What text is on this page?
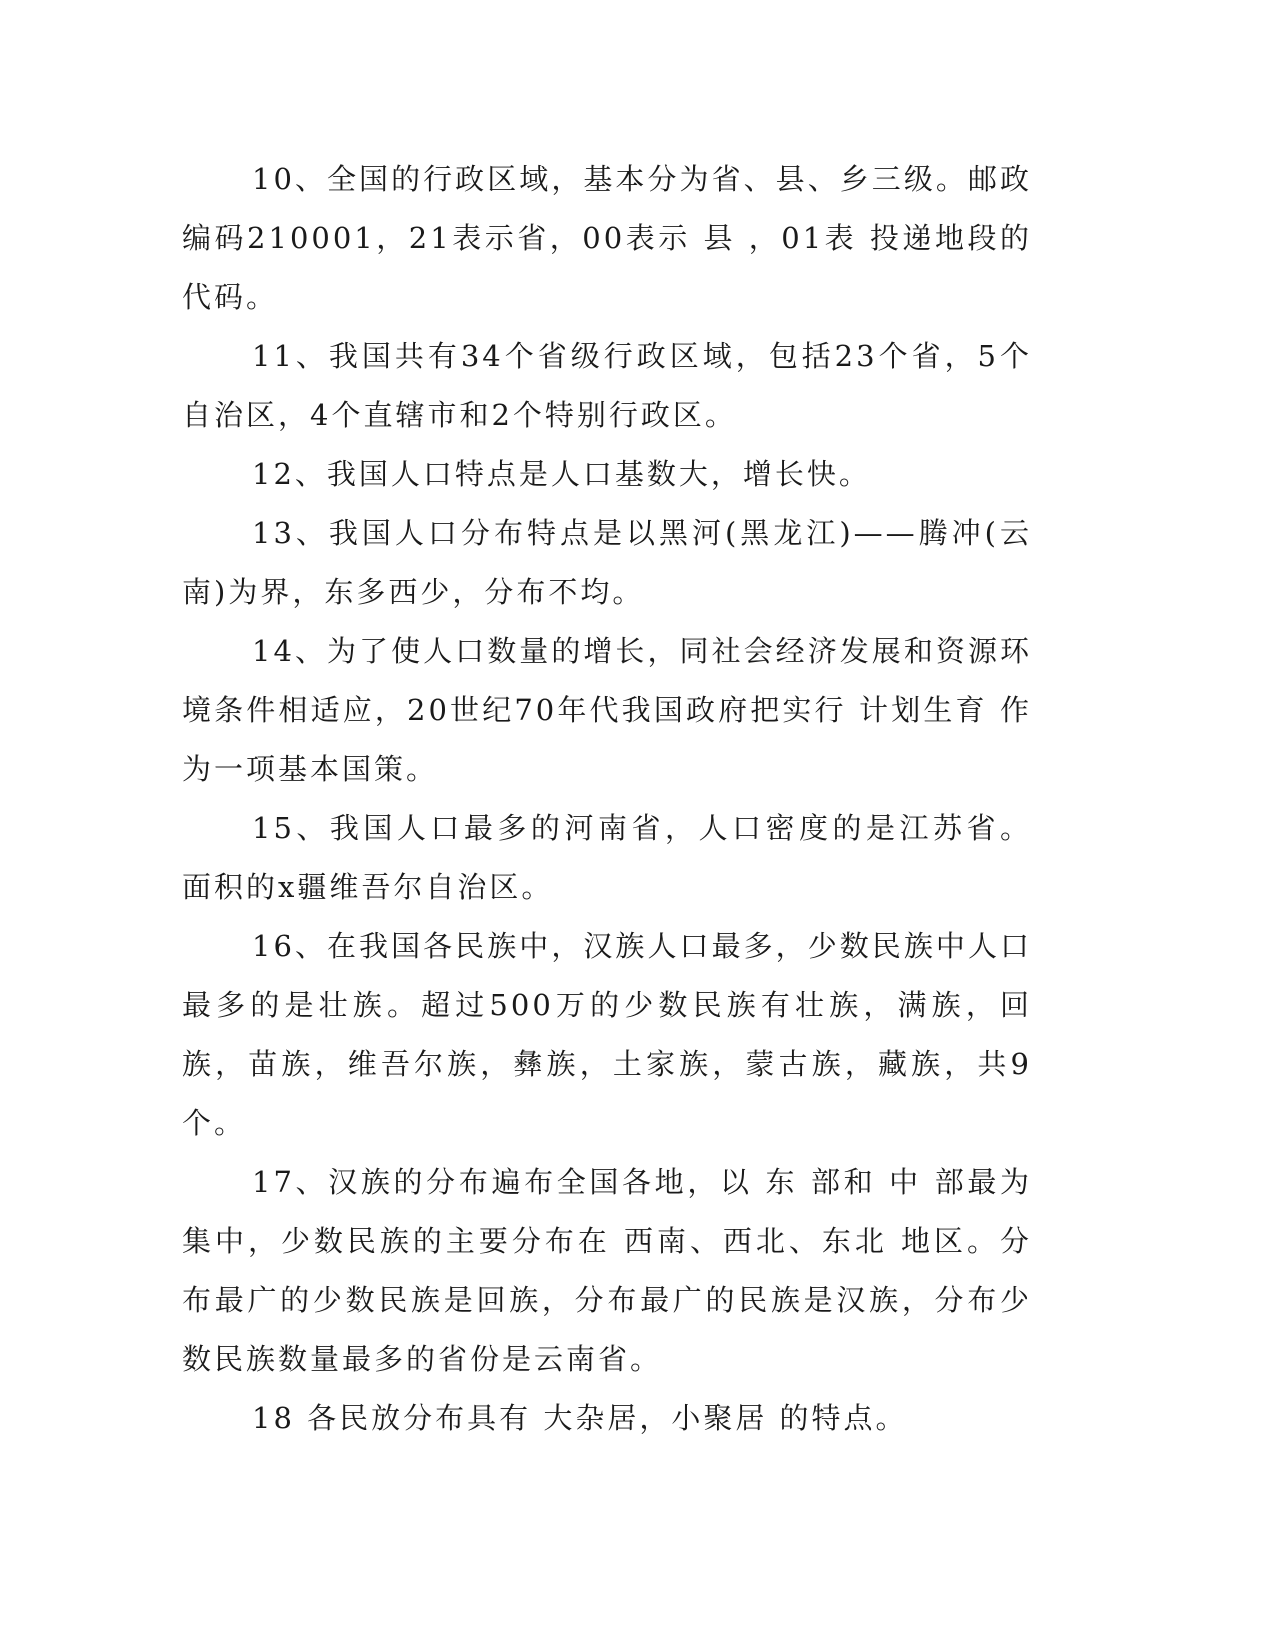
10、全国的行政区域，基本分为省、县、乡三级。邮政编码210001，21表示省，00表示 县 ，01表 投递地段的代码。

11、我国共有34个省级行政区域，包括23个省，5个自治区，4个直辖市和2个特别行政区。

12、我国人口特点是人口基数大，增长快。

13、我国人口分布特点是以黑河(黑龙江)——腾冲(云南)为界，东多西少，分布不均。

14、为了使人口数量的增长，同社会经济发展和资源环境条件相适应，20世纪70年代我国政府把实行 计划生育 作为一项基本国策。

15、我国人口最多的河南省，人口密度的是江苏省。 面积的x疆维吾尔自治区。

16、在我国各民族中，汉族人口最多，少数民族中人口最多的是壮族。超过500万的少数民族有壮族，满族，回族，苗族，维吾尔族，彝族，土家族，蒙古族，藏族，共9个。

17、汉族的分布遍布全国各地，以 东 部和 中 部最为集中，少数民族的主要分布在 西南、西北、东北 地区。分布最广的少数民族是回族，分布最广的民族是汉族，分布少数民族数量最多的省份是云南省。

18 各民放分布具有 大杂居，小聚居 的特点。
